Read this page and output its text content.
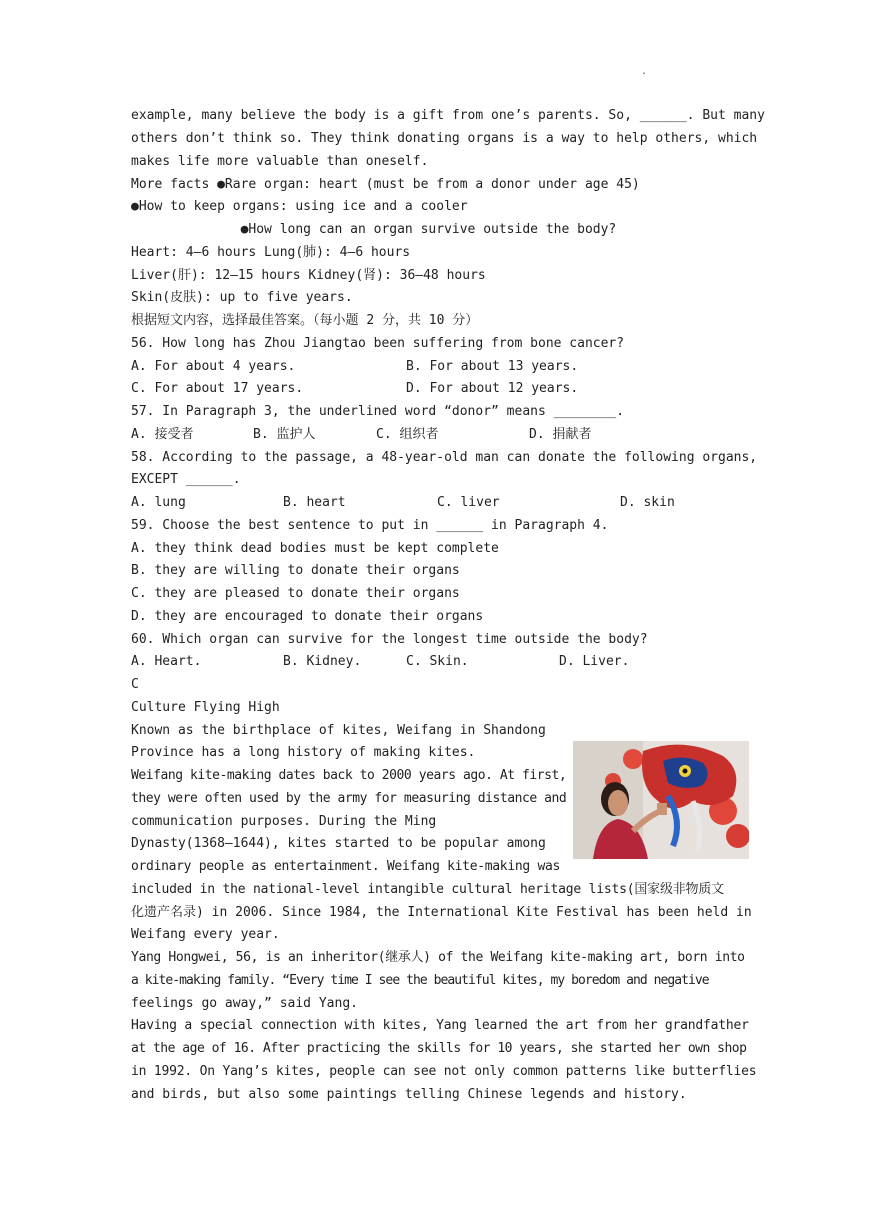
.
example, many believe the body is a gift from one’s parents. So, ______. But many
others don’t think so. They think donating organs is a way to help others, which
makes life more valuable than oneself.
More facts ●Rare organ: heart (must be from a donor under age 45)
●How to keep organs: using ice and a cooler
●How long can an organ survive outside the body?
Heart: 4—6 hours Lung(肺): 4—6 hours
Liver(肝): 12—15 hours Kidney(肾): 36—48 hours
Skin(皮肤): up to five years.
根据短文内容，选择最佳答案。（每小题 2 分，共 10 分）
56. How long has Zhou Jiangtao been suffering from bone cancer?
A. For about 4 years.	B. For about 13 years.
C. For about 17 years.	D. For about 12 years.
57. In Paragraph 3, the underlined word “donor” means ________.
A. 接受者	B. 监护人	C. 组织者	D. 捐献者
58. According to the passage, a 48-year-old man can donate the following organs,
EXCEPT ______.
A. lung	B. heart	C. liver	D. skin
59. Choose the best sentence to put in ______ in Paragraph 4.
A. they think dead bodies must be kept complete
B. they are willing to donate their organs
C. they are pleased to donate their organs
D. they are encouraged to donate their organs
60. Which organ can survive for the longest time outside the body?
A. Heart.	B. Kidney.	C. Skin.	D. Liver.
C
Culture Flying High
Known as the birthplace of kites, Weifang in Shandong
Province has a long history of making kites.
Weifang kite-making dates back to 2000 years ago. At first,
they were often used by the army for measuring distance and
communication purposes. During the Ming
Dynasty(1368—1644), kites started to be popular among
ordinary people as entertainment. Weifang kite-making was
included in the national-level intangible cultural heritage lists(国家级非物质文
化遗产名录) in 2006. Since 1984, the International Kite Festival has been held in
Weifang every year.
Yang Hongwei, 56, is an inheritor(继承人) of the Weifang kite-making art, born into
a kite-making family. “Every time I see the beautiful kites, my boredom and negative
feelings go away,” said Yang.
Having a special connection with kites, Yang learned the art from her grandfather
at the age of 16. After practicing the skills for 10 years, she started her own shop
in 1992. On Yang’s kites, people can see not only common patterns like butterflies
and birds, but also some paintings telling Chinese legends and history.
